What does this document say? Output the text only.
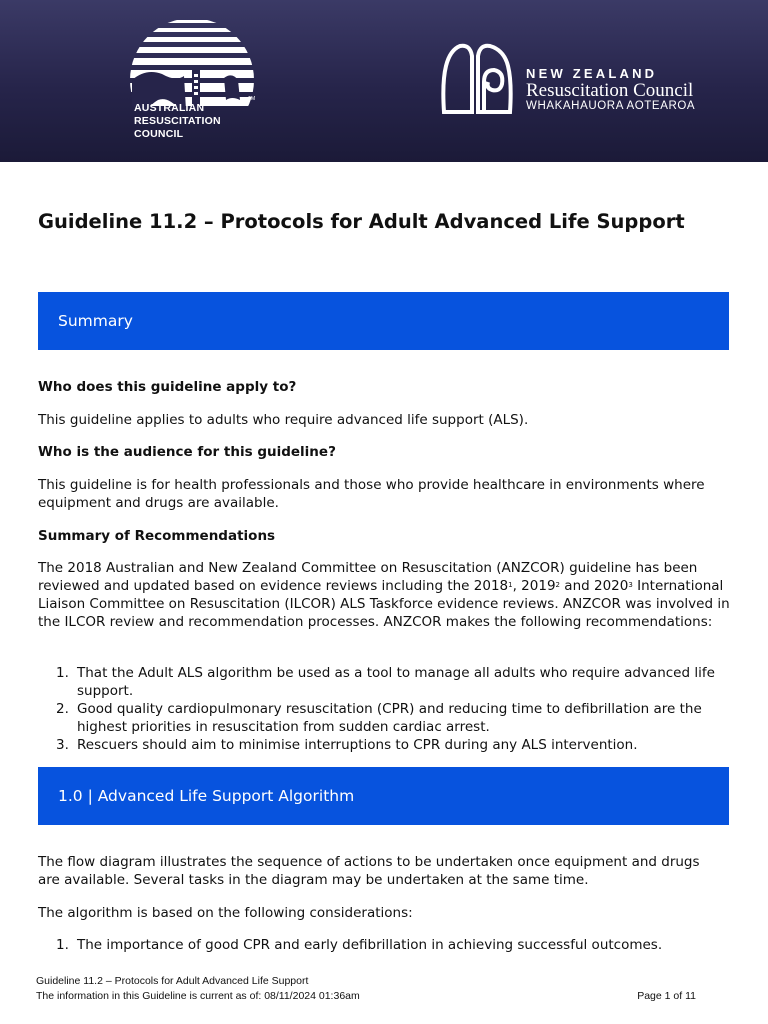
TM
AUSTRALIAN
RESUSCITATION
COUNCIL
NEW ZEALAND
Resuscitation Council
WHAKAHAUORA AOTEAROA
Guideline 11.2 – Protocols for Adult Advanced Life Support
Summary

Who does this guideline apply to?

This guideline applies to adults who require advanced life support (ALS).

Who is the audience for this guideline?

This guideline is for health professionals and those who provide healthcare in environments where equipment and drugs are available.

Summary of Recommendations

The 2018 Australian and New Zealand Committee on Resuscitation (ANZCOR) guideline has been reviewed and updated based on evidence reviews including the 2018$^1$, 2019$^2$ and 2020$^3$ International Liaison Committee on Resuscitation (ILCOR) ALS Taskforce evidence reviews. ANZCOR was involved in the ILCOR review and recommendation processes. ANZCOR makes the following recommendations:

1. That the Adult ALS algorithm be used as a tool to manage all adults who require advanced life support.
2. Good quality cardiopulmonary resuscitation (CPR) and reducing time to defibrillation are the highest priorities in resuscitation from sudden cardiac arrest.
3. Rescuers should aim to minimise interruptions to CPR during any ALS intervention.
1.0 | Advanced Life Support Algorithm

The flow diagram illustrates the sequence of actions to be undertaken once equipment and drugs are available. Several tasks in the diagram may be undertaken at the same time.

The algorithm is based on the following considerations:

1. The importance of good CPR and early defibrillation in achieving successful outcomes.
Guideline 11.2 – Protocols for Adult Advanced Life Support
The information in this Guideline is current as of: 08/11/2024 01:36am	Page 1 of 11
